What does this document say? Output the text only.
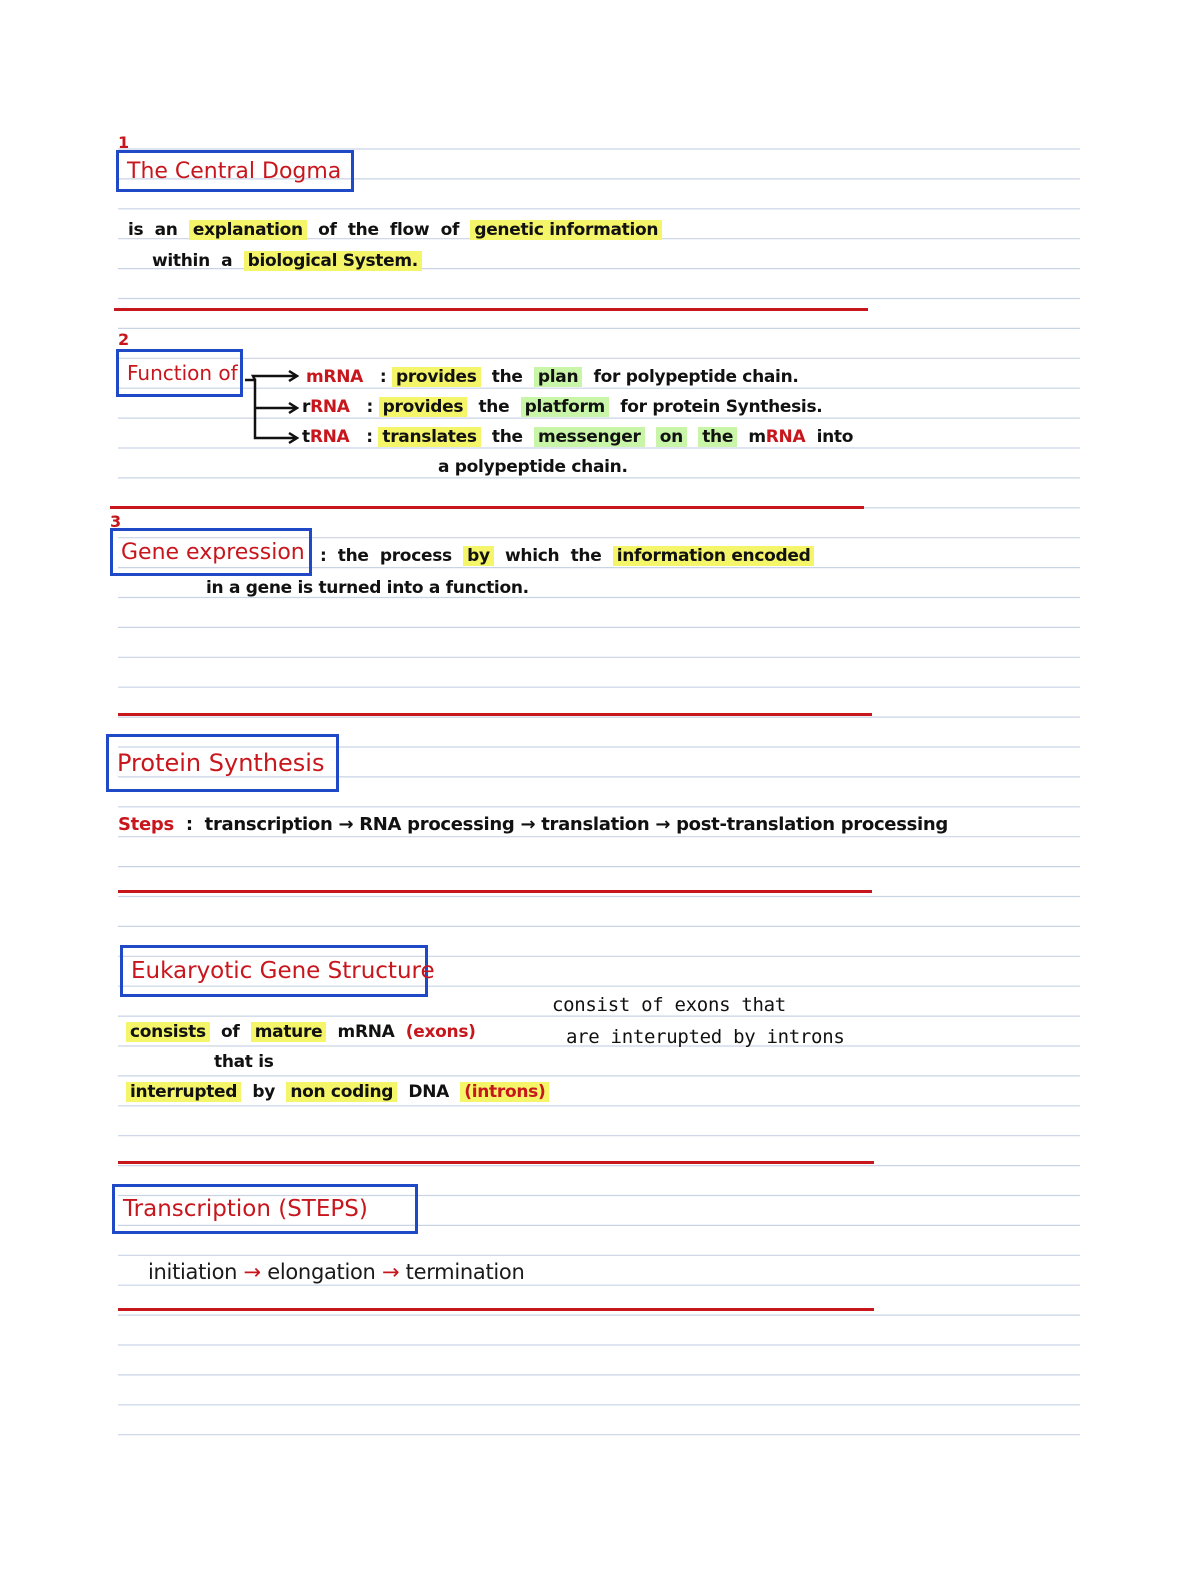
1
The Central Dogma
is an explanation of the flow of genetic information
within a biological System.
2
Function of	mRNA : provides the plan for polypeptide chain.
rRNA : provides the platform for protein Synthesis.
tRNA : translates the messenger on the mRNA into
a polypeptide chain.
3
Gene expression : the process by which the information encoded
in a gene is turned into a function.
Protein Synthesis
Steps : transcription → RNA processing → translation → post-translation processing
Eukaryotic Gene Structure
consist of exons that
are interupted by introns
consists of mature mRNA (exons)
that is
interrupted by non coding DNA (introns)
Transcription (STEPS)
initiation → elongation → termination
